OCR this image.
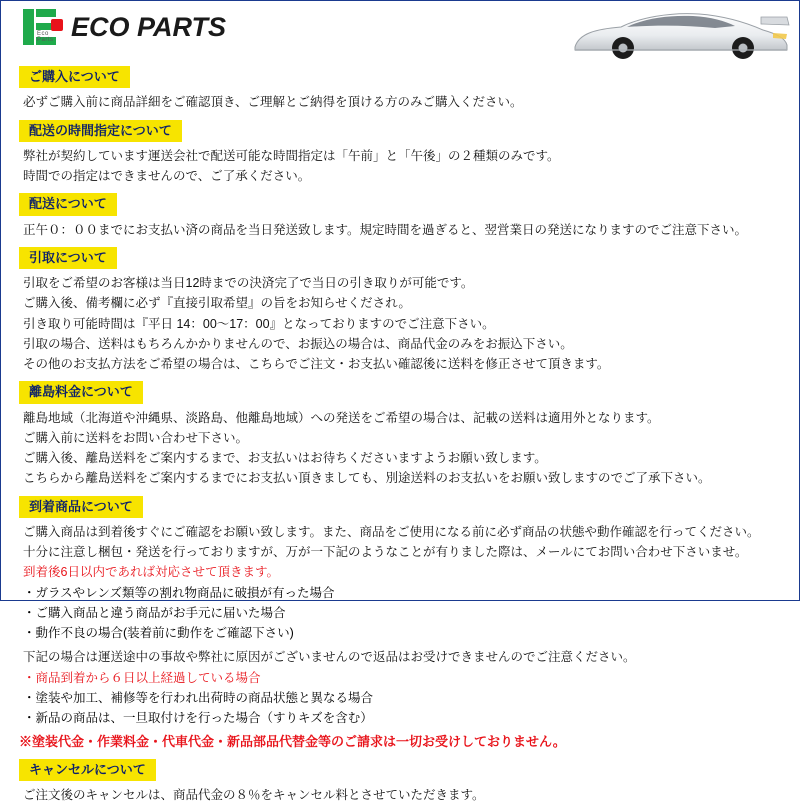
Eco Parts ECO PARTS
ご購入について

必ずご購入前に商品詳細をご確認頂き、ご理解とご納得を頂ける方のみご購入ください。

配送の時間指定について

弊社が契約しています運送会社で配送可能な時間指定は「午前」と「午後」の２種類のみです。

時間での指定はできませんので、ご了承ください。

配送について

正午０：００までにお支払い済の商品を当日発送致します。規定時間を過ぎると、翌営業日の発送になりますのでご注意下さい。

引取について

引取をご希望のお客様は当日12時までの決済完了で当日の引き取りが可能です。

ご購入後、備考欄に必ず『直接引取希望』の旨をお知らせくだされ。

引き取り可能時間は『平日 14：00～17：00』となっておりますのでご注意下さい。

引取の場合、送料はもちろんかかりませんので、お振込の場合は、商品代金のみをお振込下さい。

その他のお支払方法をご希望の場合は、こちらでご注文・お支払い確認後に送料を修正させて頂きます。

離島料金について

離島地域（北海道や沖縄県、淡路島、他離島地域）への発送をご希望の場合は、記載の送料は適用外となります。

ご購入前に送料をお問い合わせ下さい。

ご購入後、離島送料をご案内するまで、お支払いはお待ちくださいますようお願い致します。

こちらから離島送料をご案内するまでにお支払い頂きましても、別途送料のお支払いをお願い致しますのでご了承下さい。

到着商品について

ご購入商品は到着後すぐにご確認をお願い致します。また、商品をご使用になる前に必ず商品の状態や動作確認を行ってください。

十分に注意し梱包・発送を行っておりますが、万が一下記のようなことが有りました際は、メールにてお問い合わせ下さいませ。

到着後6日以内であれば対応させて頂きます。
・ガラスやレンズ類等の割れ物商品に破損が有った場合
・ご購入商品と違う商品がお手元に届いた場合
・動作不良の場合(装着前に動作をご確認下さい)

下記の場合は運送途中の事故や弊社に原因がございませんので返品はお受けできませんのでご注意ください。

・商品到着から６日以上経過している場合
・塗装や加工、補修等を行われ出荷時の商品状態と異なる場合
・新品の商品は、一旦取付けを行った場合（すりキズを含む）
※塗装代金・作業料金・代車代金・新品部品代替金等のご請求は一切お受けしておりません。
キャンセルについて

ご注文後のキャンセルは、商品代金の８％をキャンセル料とさせていただきます。
